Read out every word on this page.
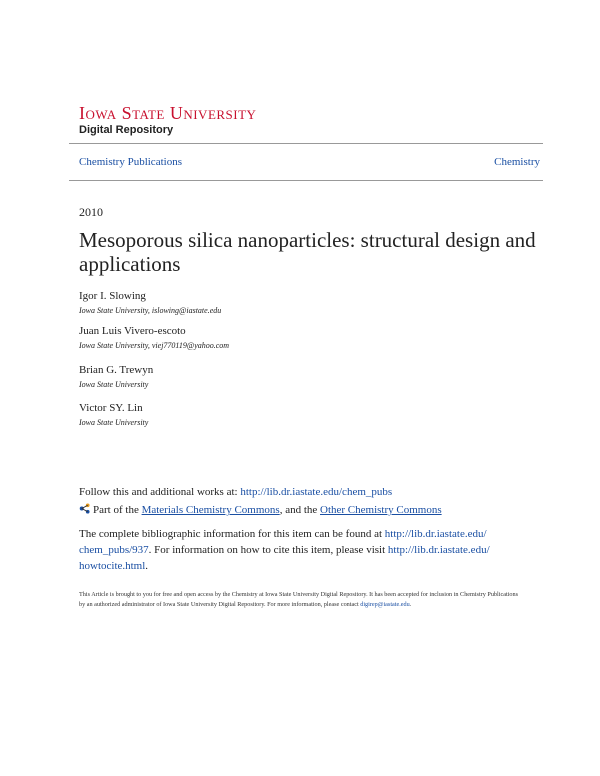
Iowa State University
Digital Repository
Chemistry Publications	Chemistry
2010
Mesoporous silica nanoparticles: structural design and applications
Igor I. Slowing
Iowa State University, islowing@iastate.edu
Juan Luis Vivero-escoto
Iowa State University, viej770119@yahoo.com
Brian G. Trewyn
Iowa State University
Victor SY. Lin
Iowa State University
Follow this and additional works at: http://lib.dr.iastate.edu/chem_pubs
Part of the Materials Chemistry Commons, and the Other Chemistry Commons
The complete bibliographic information for this item can be found at http://lib.dr.iastate.edu/
chem_pubs/937. For information on how to cite this item, please visit http://lib.dr.iastate.edu/
howtocite.html.
This Article is brought to you for free and open access by the Chemistry at Iowa State University Digital Repository. It has been accepted for inclusion in Chemistry Publications by an authorized administrator of Iowa State University Digital Repository. For more information, please contact digirep@iastate.edu.
